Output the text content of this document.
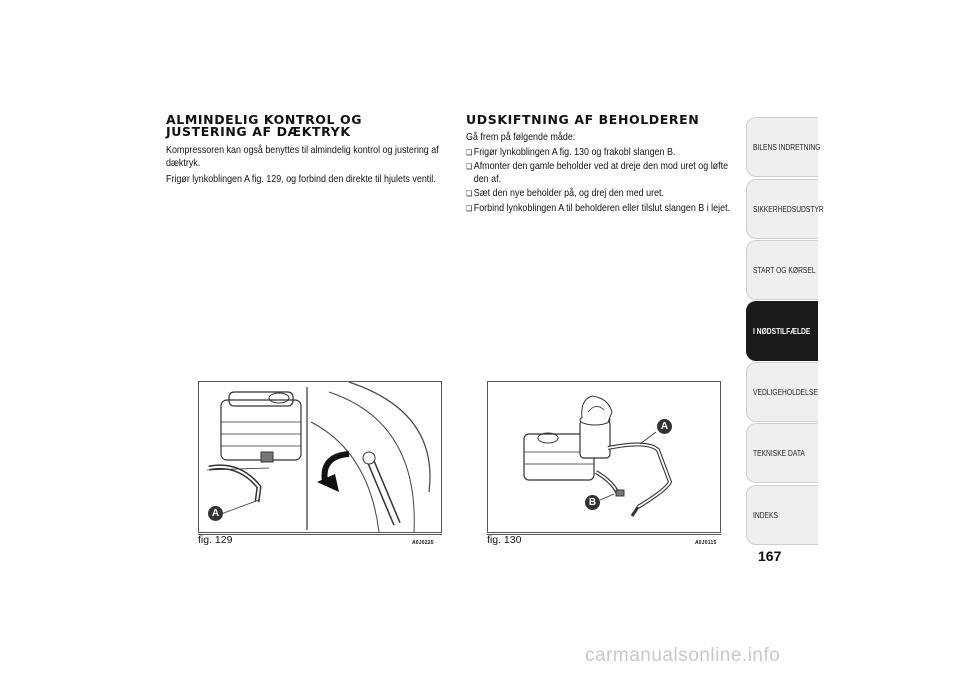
ALMINDELIG KONTROL OG JUSTERING AF DÆKTRYK

Kompressoren kan også benyttes til almindelig kontrol og justering af dæktryk.

Frigør lynkoblingen A fig. 129, og forbind den direkte til hjulets ventil.

UDSKIFTNING AF BEHOLDEREN

Gå frem på følgende måde:

❏ Frigør lynkoblingen A fig. 130 og frakobl slangen B.

❏ Afmonter den gamle beholder ved at dreje den mod uret og løfte den af.

❏ Sæt den nye beholder på, og drej den med uret.

❏ Forbind lynkoblingen A til beholderen eller tilslut slangen B i lejet.

A
fig. 129	A0J0225
A
B
fig. 130	A0J0115
BILENS INDRETNING
SIKKERHEDSUDSTYR
START OG KØRSEL
I NØDSTILFÆLDE
VEDLIGEHOLDELSE
TEKNISKE DATA
INDEKS
167
carmanualsonline.info
